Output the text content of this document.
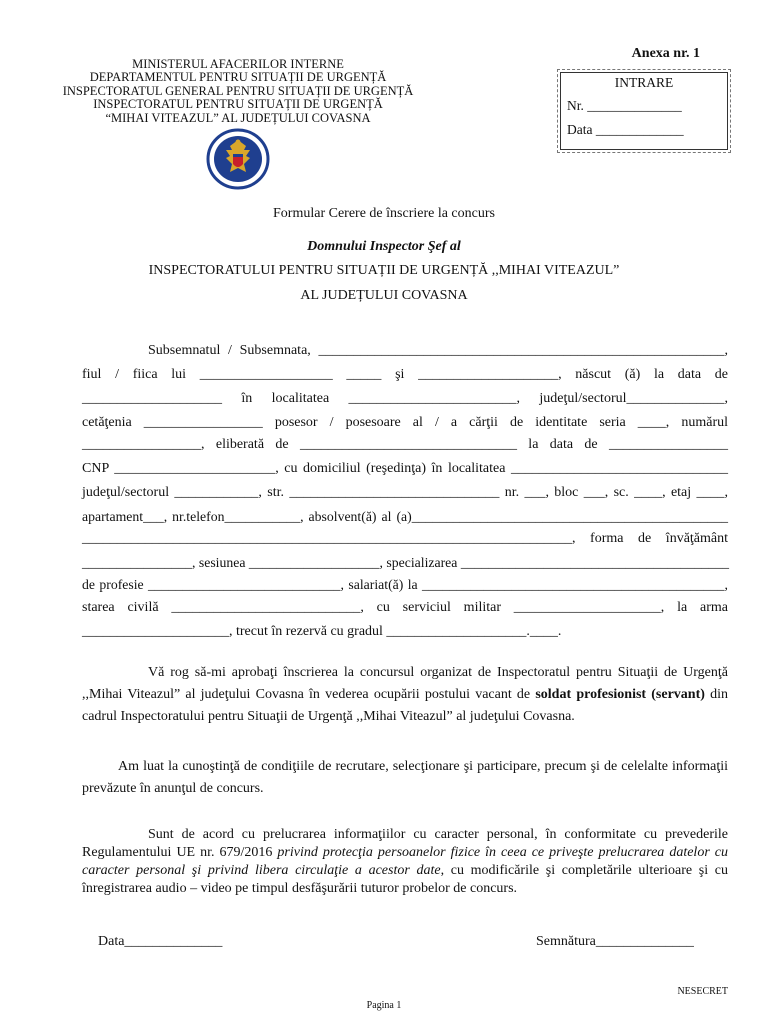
MINISTERUL AFACERILOR INTERNE
DEPARTAMENTUL PENTRU SITUAȚII DE URGENȚĂ
INSPECTORATUL GENERAL PENTRU SITUAȚII DE URGENȚĂ
INSPECTORATUL PENTRU SITUAȚII DE URGENȚĂ
“MIHAI VITEAZUL” AL JUDEȚULUI COVASNA
Anexa nr. 1
INTRARE
Nr. ______________
Data _____________
Formular Cerere de înscriere la concurs
Domnului Inspector Şef al
INSPECTORATULUI PENTRU SITUAȚII DE URGENȚĂ ,,MIHAI VITEAZUL”
AL JUDEȚULUI COVASNA
Subsemnatul / Subsemnata, __________________________________________________________,
fiul / fiica lui ___________________ _____ şi ____________________, născut (ă) la data de
____________________ în localitatea ________________________, judeţul/sectorul______________,
cetăţenia _________________ posesor / posesoare al / a cărţii de identitate seria ____, numărul
_________________, eliberată de _______________________________ la data de _________________
CNP _______________________, cu domiciliul (reşedinţa) în localitatea _______________________________
judeţul/sectorul ____________, str. ______________________________ nr. ___, bloc ___, sc. ____, etaj ____,
apartament___, nr.telefon___________, absolvent(ă) al (a)______________________________________________
______________________________________________________________________, forma de învăţământ
________________, sesiunea ___________________, specializarea _______________________________________
de profesie ____________________________, salariat(ă) la ____________________________________________,
starea civilă ___________________________, cu serviciul militar _____________________, la arma
_____________________, trecut în rezervă cu gradul ____________________.____.
Vă rog să-mi aprobaţi înscrierea la concursul organizat de Inspectoratul pentru Situaţii de Urgenţă ,,Mihai Viteazul” al judeţului Covasna în vederea ocupării postului vacant de soldat profesionist (servant) din cadrul Inspectoratului pentru Situaţii de Urgenţă ,,Mihai Viteazul” al judeţului Covasna.
Am luat la cunoştinţă de condiţiile de recrutare, selecţionare şi participare, precum şi de celelalte informaţii prevăzute în anunţul de concurs.
Sunt de acord cu prelucrarea informaţiilor cu caracter personal, în conformitate cu prevederile Regulamentului UE nr. 679/2016 privind protecţia persoanelor fizice în ceea ce priveşte prelucrarea datelor cu caracter personal şi privind libera circulaţie a acestor date, cu modificările şi completările ulterioare şi cu înregistrarea audio – video pe timpul desfăşurării tuturor probelor de concurs.
Data______________	Semnătura______________
NESECRET
Pagina 1
